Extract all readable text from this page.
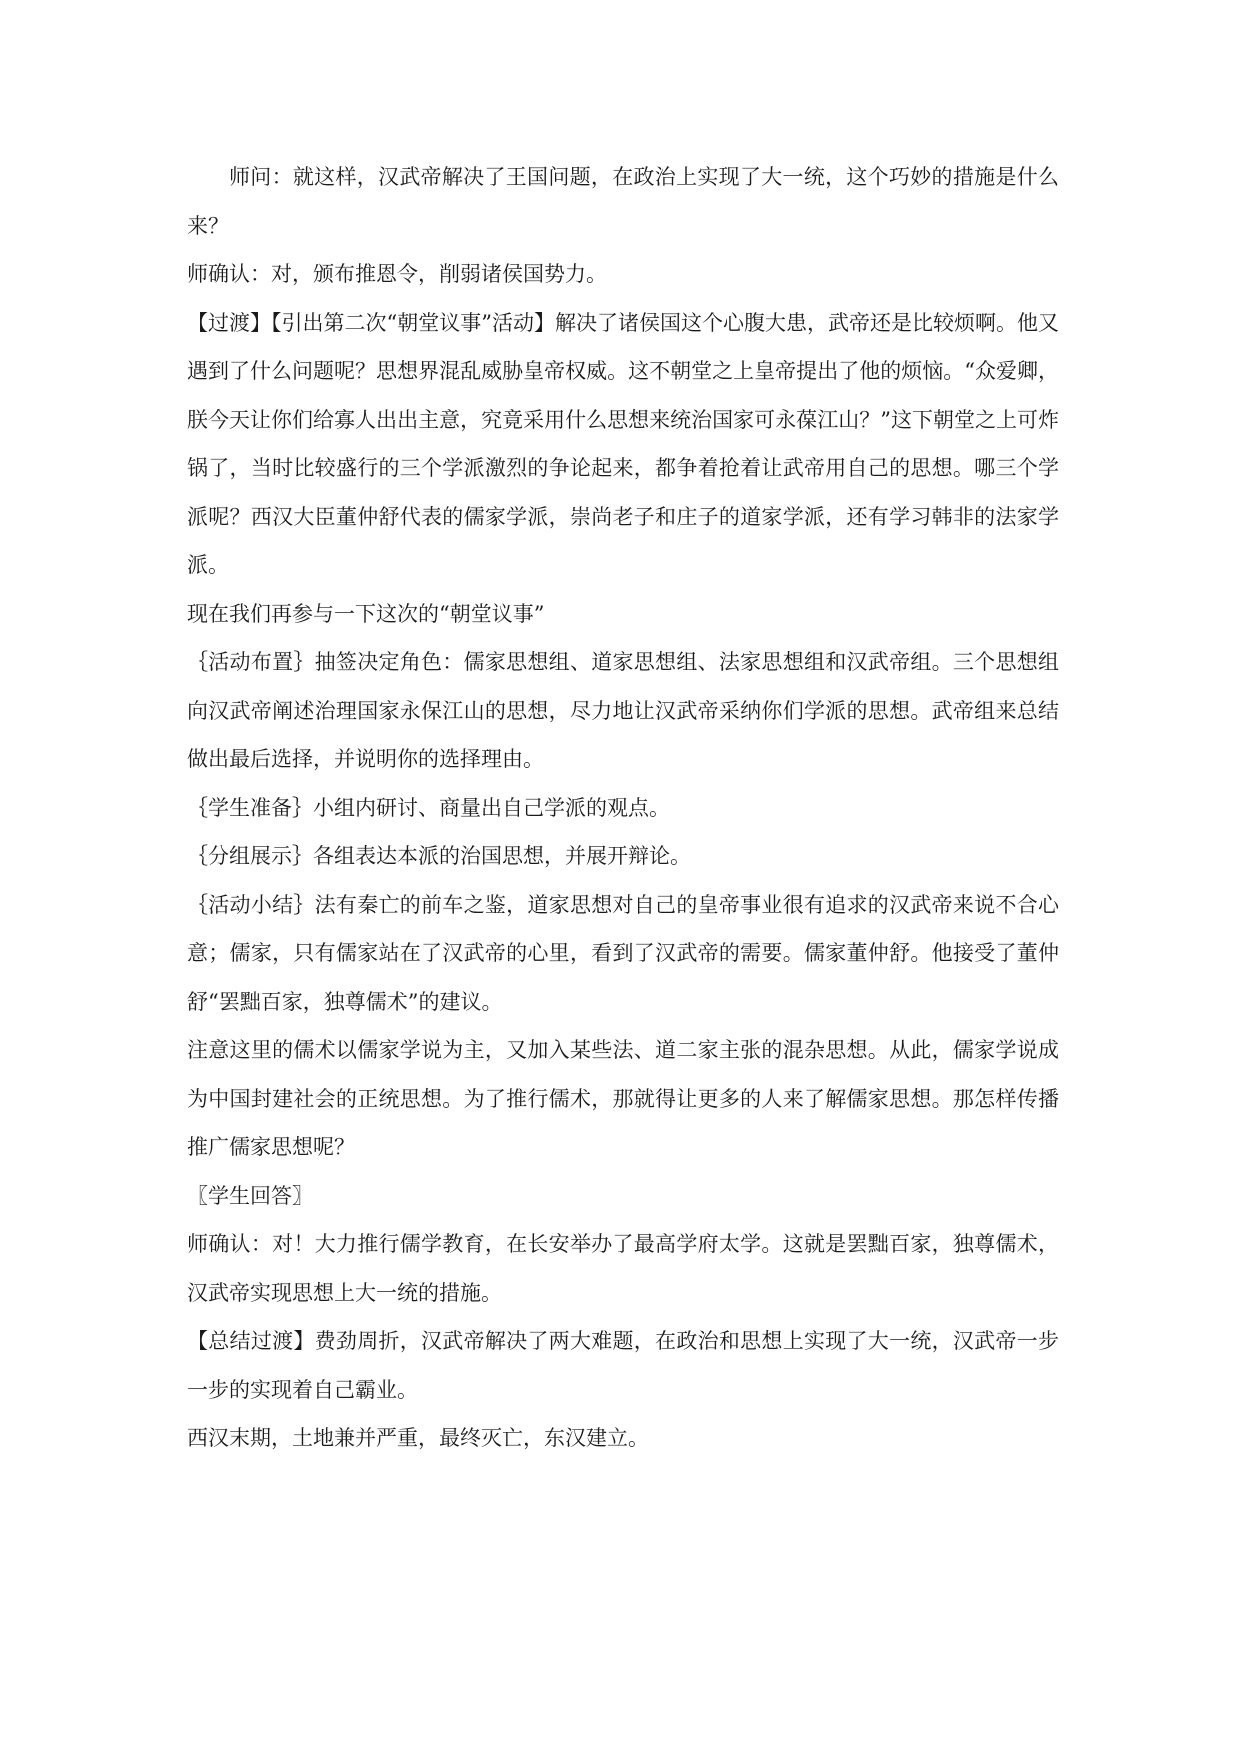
师问：就这样，汉武帝解决了王国问题，在政治上实现了大一统，这个巧妙的措施是什么来？

师确认：对，颁布推恩令，削弱诸侯国势力。

【过渡】【引出第二次“朝堂议事”活动】解决了诸侯国这个心腹大患，武帝还是比较烦啊。他又遇到了什么问题呢？思想界混乱威胁皇帝权威。这不朝堂之上皇帝提出了他的烦恼。“众爱卿，朕今天让你们给寡人出出主意，究竟采用什么思想来统治国家可永葆江山？”这下朝堂之上可炸锅了，当时比较盛行的三个学派激烈的争论起来，都争着抢着让武帝用自己的思想。哪三个学派呢？西汉大臣董仲舒代表的儒家学派，崇尚老子和庄子的道家学派，还有学习韩非的法家学派。

现在我们再参与一下这次的“朝堂议事”

｛活动布置｝抽签决定角色：儒家思想组、道家思想组、法家思想组和汉武帝组。三个思想组向汉武帝阐述治理国家永保江山的思想，尽力地让汉武帝采纳你们学派的思想。武帝组来总结做出最后选择，并说明你的选择理由。

｛学生准备｝小组内研讨、商量出自己学派的观点。

｛分组展示｝各组表达本派的治国思想，并展开辩论。

｛活动小结｝法有秦亡的前车之鉴，道家思想对自己的皇帝事业很有追求的汉武帝来说不合心意；儒家，只有儒家站在了汉武帝的心里，看到了汉武帝的需要。儒家董仲舒。他接受了董仲舒“罢黜百家，独尊儒术”的建议。

注意这里的儒术以儒家学说为主，又加入某些法、道二家主张的混杂思想。从此，儒家学说成为中国封建社会的正统思想。为了推行儒术，那就得让更多的人来了解儒家思想。那怎样传播推广儒家思想呢？

〖学生回答〗

师确认：对！大力推行儒学教育，在长安举办了最高学府太学。这就是罢黜百家，独尊儒术，汉武帝实现思想上大一统的措施。

【总结过渡】费劲周折，汉武帝解决了两大难题，在政治和思想上实现了大一统，汉武帝一步一步的实现着自己霸业。

西汉末期，土地兼并严重，最终灭亡，东汉建立。
